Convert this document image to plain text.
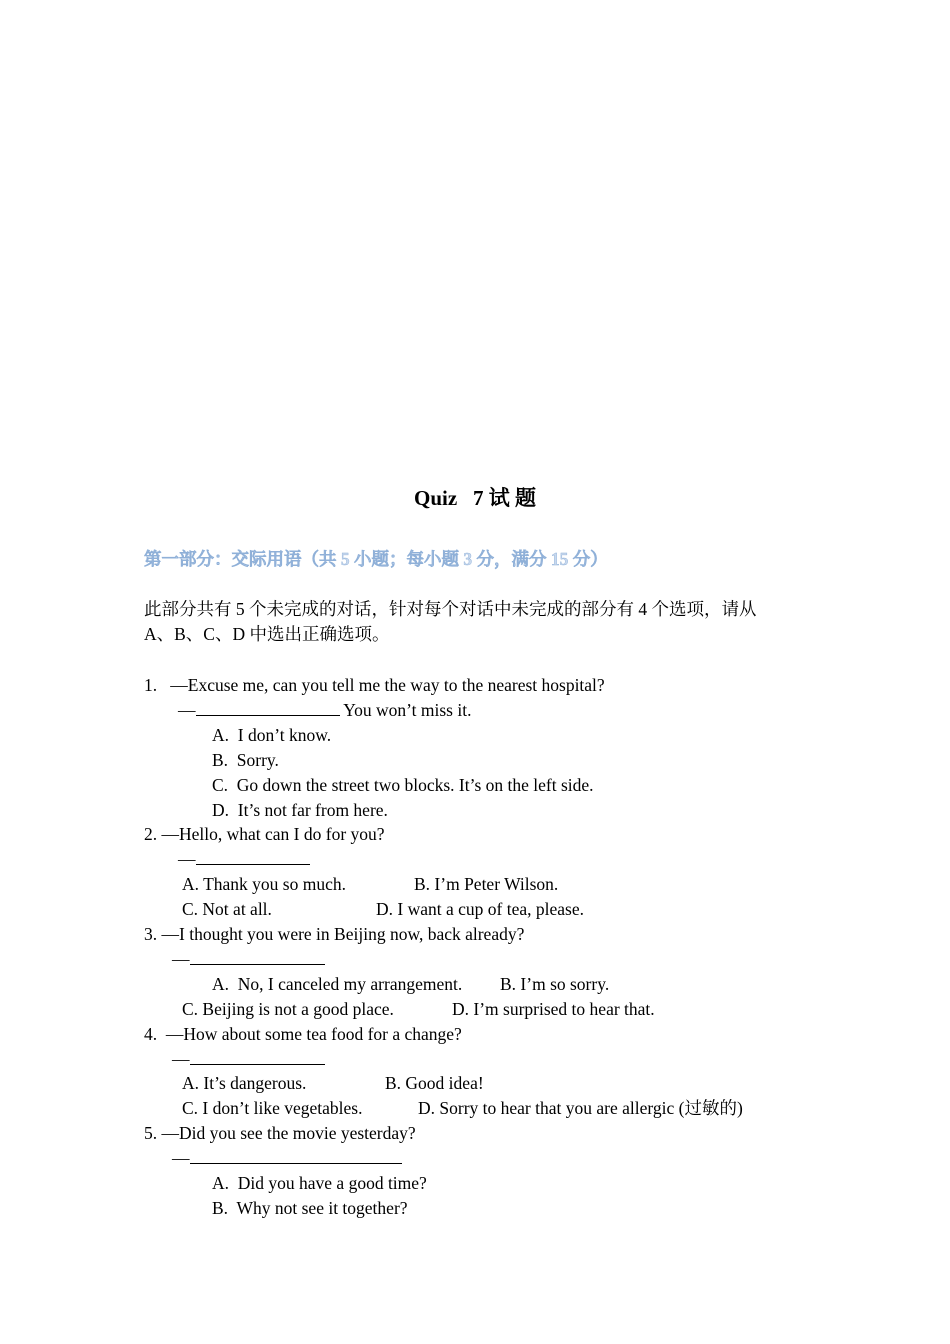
Quiz   7 试 题
第一部分：交际用语（共 5 小题；每小题 3 分，满分 15 分）
此部分共有 5 个未完成的对话，针对每个对话中未完成的部分有 4 个选项，请从
A、B、C、D 中选出正确选项。
1.   —Excuse me, can you tell me the way to the nearest hospital?
—	You won’t miss it.
A.  I don’t know.
B.  Sorry.
C.  Go down the street two blocks. It’s on the left side.
D.  It’s not far from here.
2. —Hello, what can I do for you?
—
A. Thank you so much.	B. I’m Peter Wilson.
C. Not at all.	D. I want a cup of tea, please.
3. —I thought you were in Beijing now, back already?
—
A.  No, I canceled my arrangement. B. I’m so sorry.
C. Beijing is not a good place.	D. I’m surprised to hear that.
4.  —How about some tea food for a change?
—
A. It’s dangerous.	B. Good idea!
C. I don’t like vegetables.	D. Sorry to hear that you are allergic (过敏的)
5. —Did you see the movie yesterday?
—
A.  Did you have a good time?
B.  Why not see it together?
